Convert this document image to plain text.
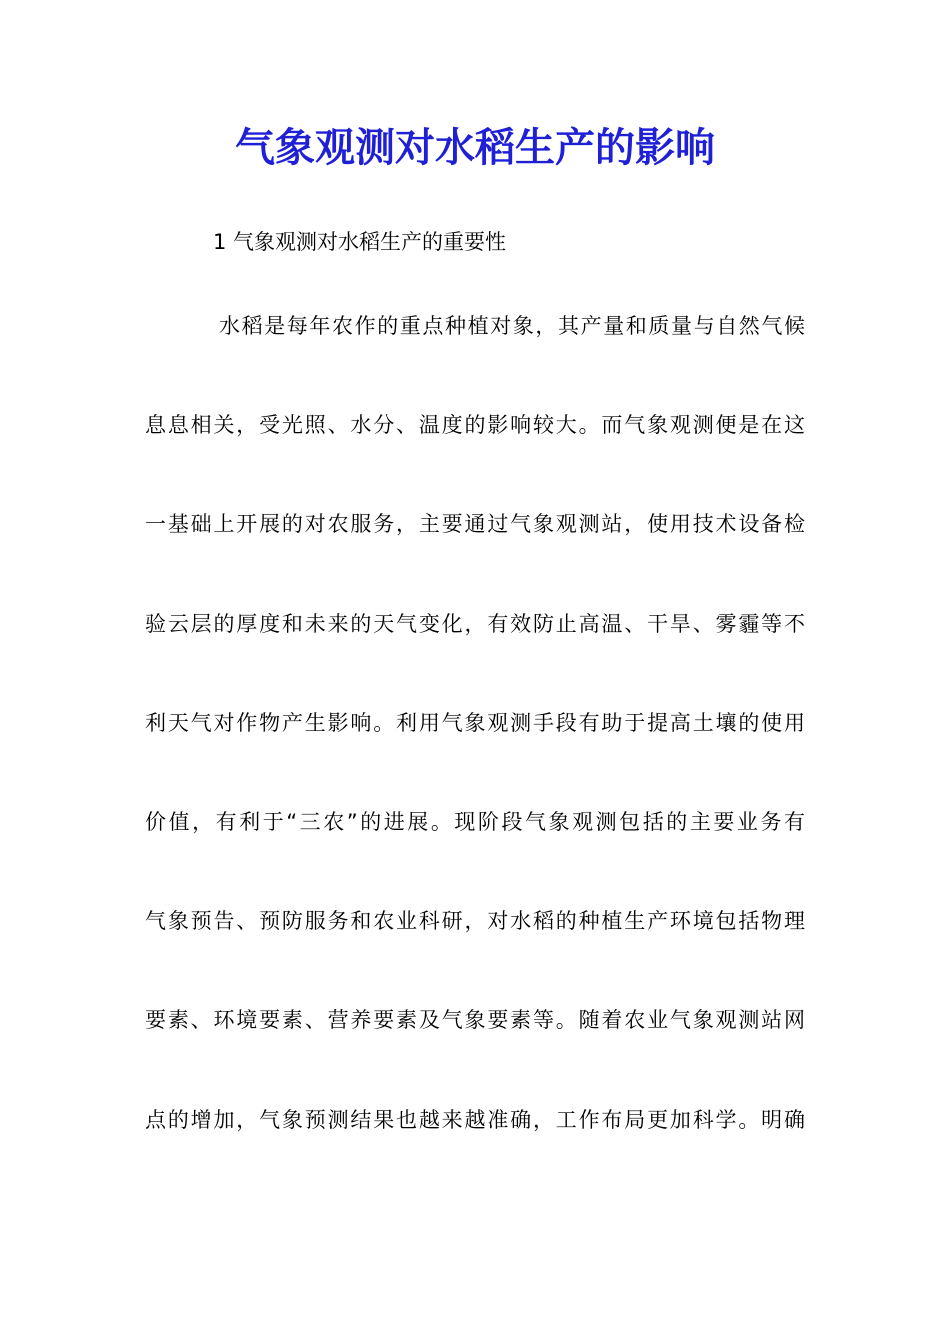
气象观测对水稻生产的影响

1 气象观测对水稻生产的重要性

水稻是每年农作的重点种植对象，其产量和质量与自然气候
息息相关，受光照、水分、温度的影响较大。而气象观测便是在这
一基础上开展的对农服务，主要通过气象观测站，使用技术设备检
验云层的厚度和未来的天气变化，有效防止高温、干旱、雾霾等不
利天气对作物产生影响。利用气象观测手段有助于提高土壤的使用
价值，有利于“三农”的进展。现阶段气象观测包括的主要业务有
气象预告、预防服务和农业科研，对水稻的种植生产环境包括物理
要素、环境要素、营养要素及气象要素等。随着农业气象观测站网
点的增加，气象预测结果也越来越准确，工作布局更加科学。明确
